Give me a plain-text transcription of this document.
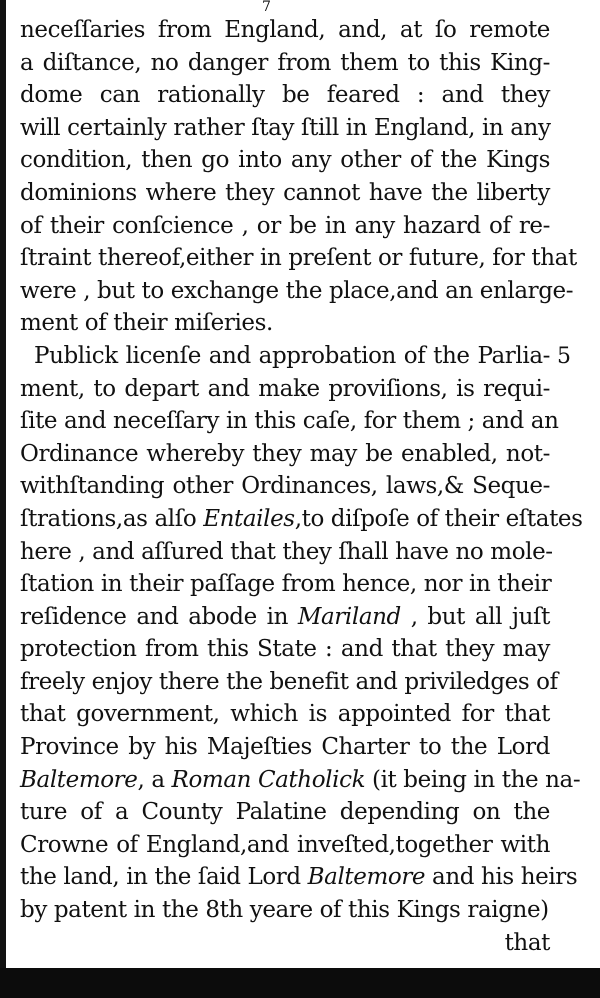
7
neceſſaries from England, and, at ſo remote
a diſtance, no danger from them to this King-
dome can rationally be feared : and they
will certainly rather ſtay ſtill in England, in any
condition, then go into any other of the Kings
dominions where they cannot have the liberty
of their conſcience , or be in any hazard of re-
ſtraint thereof,either in preſent or future, for that
were , but to exchange the place,and an enlarge-
ment of their miſeries.
Publick licenſe and approbation of the Parlia-
ment, to depart and make proviſions, is requi-
ſite and neceſſary in this caſe, for them ; and an
Ordinance whereby they may be enabled, not-
withſtanding other Ordinances, laws,& Seque-
ſtrations,as alſo Entailes,to diſpoſe of their eſtates
here , and aſſured that they ſhall have no mole-
ſtation in their paſſage from hence, nor in their
reſidence and abode in Mariland , but all juſt
protection from this State : and that they may
freely enjoy there the benefit and priviledges of
that government, which is appointed for that
Province by his Majeſties Charter to the Lord
Baltemore, a Roman Catholick (it being in the na-
ture of a County Palatine depending on the
Crowne of England,and inveſted,together with
the land, in the ſaid Lord Baltemore and his heirs
by patent in the 8th yeare of this Kings raigne)
that
5
